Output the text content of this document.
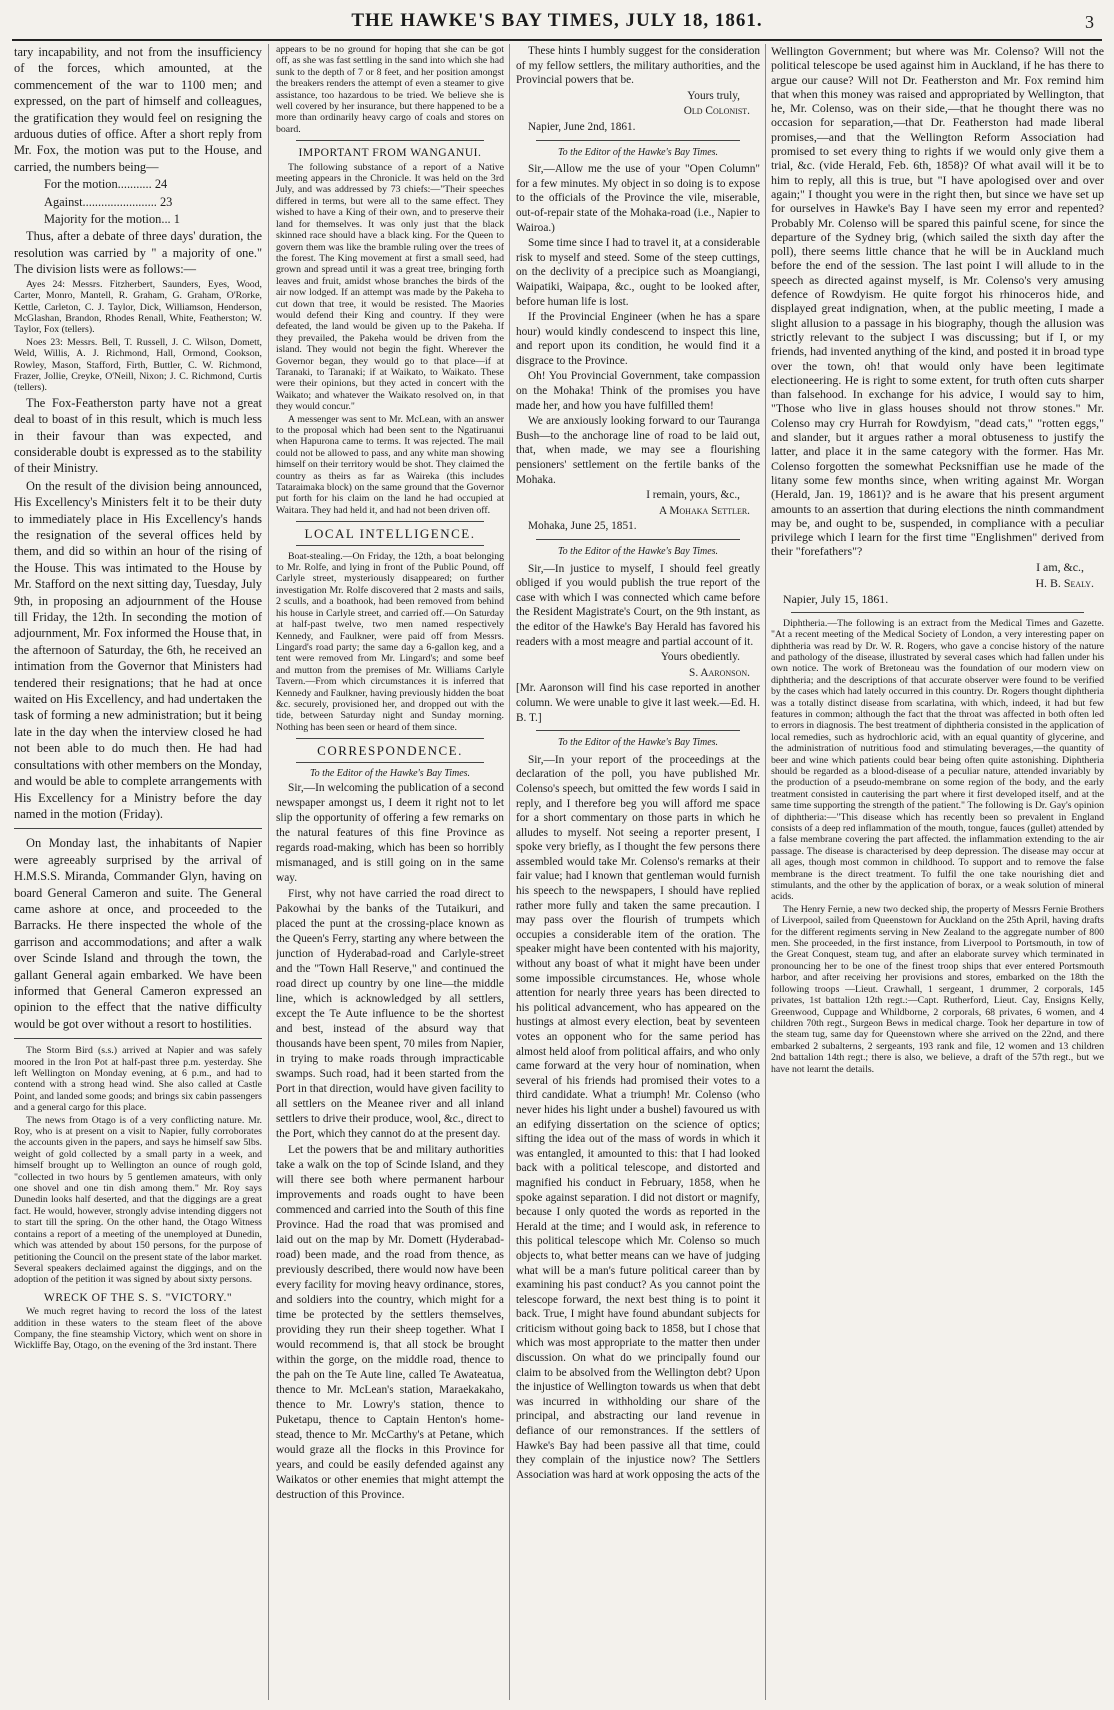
THE HAWKE'S BAY TIMES, JULY 18, 1861.	3

tary incapability, and not from the insufficiency of the forces, which amounted, at the commencement of the war to 1100 men; and expressed, on the part of himself and colleagues, the gratification they would feel on resigning the arduous duties of office. After a short reply from Mr. Fox, the motion was put to the House, and carried, the numbers being—

For the motion........... 24

Against........................ 23

Majority for the motion... 1

Thus, after a debate of three days' duration, the resolution was carried by " a majority of one." The division lists were as follows:—

Ayes 24: Messrs. Fitzherbert, Saunders, Eyes, Wood, Carter, Monro, Mantell, R. Graham, G. Graham, O'Rorke, Kettle, Carleton, C. J. Taylor, Dick, Williamson, Henderson, McGlashan, Brandon, Rhodes Renall, White, Featherston; W. Taylor, Fox (tellers).

Noes 23: Messrs. Bell, T. Russell, J. C. Wilson, Domett, Weld, Willis, A. J. Richmond, Hall, Ormond, Cookson, Rowley, Mason, Stafford, Firth, Buttler, C. W. Richmond, Frazer, Jollie, Creyke, O'Neill, Nixon; J. C. Richmond, Curtis (tellers).

The Fox-Featherston party have not a great deal to boast of in this result, which is much less in their favour than was expected, and considerable doubt is expressed as to the stability of their Ministry.

On the result of the division being announced, His Excellency's Ministers felt it to be their duty to immediately place in His Excellency's hands the resignation of the several offices held by them, and did so within an hour of the rising of the House. This was intimated to the House by Mr. Stafford on the next sitting day, Tuesday, July 9th, in proposing an adjournment of the House till Friday, the 12th. In seconding the motion of adjournment, Mr. Fox informed the House that, in the afternoon of Saturday, the 6th, he received an intimation from the Governor that Ministers had tendered their resignations; that he had at once waited on His Excellency, and had undertaken the task of forming a new administration; but it being late in the day when the interview closed he had not been able to do much then. He had had consultations with other members on the Monday, and would be able to complete arrangements with His Excellency for a Ministry before the day named in the motion (Friday).

On Monday last, the inhabitants of Napier were agreeably surprised by the arrival of H.M.S.S. Miranda, Commander Glyn, having on board General Cameron and suite. The General came ashore at once, and proceeded to the Barracks. He there inspected the whole of the garrison and accommodations; and after a walk over Scinde Island and through the town, the gallant General again embarked. We have been informed that General Cameron expressed an opinion to the effect that the native difficulty would be got over without a resort to hostilities.

The Storm Bird (s.s.) arrived at Napier and was safely moored in the Iron Pot at half-past three p.m. yesterday. She left Wellington on Monday evening, at 6 p.m., and had to contend with a strong head wind. She also called at Castle Point, and landed some goods; and brings six cabin passengers and a general cargo for this place.

The news from Otago is of a very conflicting nature. Mr. Roy, who is at present on a visit to Napier, fully corroborates the accounts given in the papers, and says he himself saw 5lbs. weight of gold collected by a small party in a week, and himself brought up to Wellington an ounce of rough gold, "collected in two hours by 5 gentlemen amateurs, with only one shovel and one tin dish among them." Mr. Roy says Dunedin looks half deserted, and that the diggings are a great fact. He would, however, strongly advise intending diggers not to start till the spring. On the other hand, the Otago Witness contains a report of a meeting of the unemployed at Dunedin, which was attended by about 150 persons, for the purpose of petitioning the Council on the present state of the labor market. Several speakers declaimed against the diggings, and on the adoption of the petition it was signed by about sixty persons.

WRECK OF THE S. S. "VICTORY."

We much regret having to record the loss of the latest addition in these waters to the steam fleet of the above Company, the fine steamship Victory, which went on shore in Wickliffe Bay, Otago, on the evening of the 3rd instant. There

appears to be no ground for hoping that she can be got off, as she was fast settling in the sand into which she had sunk to the depth of 7 or 8 feet, and her position amongst the breakers renders the attempt of even a steamer to give assistance, too hazardous to be tried. We believe she is well covered by her insurance, but there happened to be a more than ordinarily heavy cargo of coals and stores on board.

IMPORTANT FROM WANGANUI.

The following substance of a report of a Native meeting appears in the Chronicle. It was held on the 3rd July, and was addressed by 73 chiefs:—"Their speeches differed in terms, but were all to the same effect. They wished to have a King of their own, and to preserve their land for themselves. It was only just that the black skinned race should have a black king. For the Queen to govern them was like the bramble ruling over the trees of the forest. The King movement at first a small seed, had grown and spread until it was a great tree, bringing forth leaves and fruit, amidst whose branches the birds of the air now lodged. If an attempt was made by the Pakeha to cut down that tree, it would be resisted. The Maories would defend their King and country. If they were defeated, the land would be given up to the Pakeha. If they prevailed, the Pakeha would be driven from the island. They would not begin the fight. Wherever the Governor began, they would go to that place—if at Taranaki, to Taranaki; if at Waikato, to Waikato. These were their opinions, but they acted in concert with the Waikato; and whatever the Waikato resolved on, in that they would concur."

A messenger was sent to Mr. McLean, with an answer to the proposal which had been sent to the Ngatiruanui when Hapurona came to terms. It was rejected. The mail could not be allowed to pass, and any white man showing himself on their territory would be shot. They claimed the country as theirs as far as Waireka (this includes Tataraimaka block) on the same ground that the Governor put forth for his claim on the land he had occupied at Waitara. They had held it, and had not been driven off.

LOCAL INTELLIGENCE.

Boat-stealing.—On Friday, the 12th, a boat belonging to Mr. Rolfe, and lying in front of the Public Pound, off Carlyle street, mysteriously disappeared; on further investigation Mr. Rolfe discovered that 2 masts and sails, 2 sculls, and a boathook, had been removed from behind his house in Carlyle street, and carried off.—On Saturday at half-past twelve, two men named respectively Kennedy, and Faulkner, were paid off from Messrs. Lingard's road party; the same day a 6-gallon keg, and a tent were removed from Mr. Lingard's; and some beef and mutton from the premises of Mr. Williams Carlyle Tavern.—From which circumstances it is inferred that Kennedy and Faulkner, having previously hidden the boat &c. securely, provisioned her, and dropped out with the tide, between Saturday night and Sunday morning. Nothing has been seen or heard of them since.

CORRESPONDENCE.
To the Editor of the Hawke's Bay Times.

Sir,—In welcoming the publication of a second newspaper amongst us, I deem it right not to let slip the opportunity of offering a few remarks on the natural features of this fine Province as regards road-making, which has been so horribly mismanaged, and is still going on in the same way.

First, why not have carried the road direct to Pakowhai by the banks of the Tutaikuri, and placed the punt at the crossing-place known as the Queen's Ferry, starting any where between the junction of Hyderabad-road and Carlyle-street and the "Town Hall Reserve," and continued the road direct up country by one line—the middle line, which is acknowledged by all settlers, except the Te Aute influence to be the shortest and best, instead of the absurd way that thousands have been spent, 70 miles from Napier, in trying to make roads through impracticable swamps. Such road, had it been started from the Port in that direction, would have given facility to all settlers on the Meanee river and all inland settlers to drive their produce, wool, &c., direct to the Port, which they cannot do at the present day.

Let the powers that be and military authorities take a walk on the top of Scinde Island, and they will there see both where permanent harbour improvements and roads ought to have been commenced and carried into the South of this fine Province. Had the road that was promised and laid out on the map by Mr. Domett (Hyderabad-road) been made, and the road from thence, as previously described, there would now have been every facility for moving heavy ordinance, stores, and soldiers into the country, which might for a time be protected by the settlers themselves, providing they run their sheep together. What I would recommend is, that all stock be brought within the gorge, on the middle road, thence to the pah on the Te Aute line, called Te Awateatua, thence to Mr. McLean's station, Maraekakaho, thence to Mr. Lowry's station, thence to Puketapu, thence to Captain Henton's home-stead, thence to Mr. McCarthy's at Petane, which would graze all the flocks in this Province for years, and could be easily defended against any Waikatos or other enemies that might attempt the destruction of this Province.

These hints I humbly suggest for the consideration of my fellow settlers, the military authorities, and the Provincial powers that be.

Yours truly,

Old Colonist.

Napier, June 2nd, 1861.

To the Editor of the Hawke's Bay Times.

Sir,—Allow me the use of your "Open Column" for a few minutes. My object in so doing is to expose to the officials of the Province the vile, miserable, out-of-repair state of the Mohaka-road (i.e., Napier to Wairoa.)

Some time since I had to travel it, at a considerable risk to myself and steed. Some of the steep cuttings, on the declivity of a precipice such as Moangiangi, Waipatiki, Waipapa, &c., ought to be looked after, before human life is lost.

If the Provincial Engineer (when he has a spare hour) would kindly condescend to inspect this line, and report upon its condition, he would find it a disgrace to the Province.

Oh! You Provincial Government, take compassion on the Mohaka! Think of the promises you have made her, and how you have fulfilled them!

We are anxiously looking forward to our Tauranga Bush—to the anchorage line of road to be laid out, that, when made, we may see a flourishing pensioners' settlement on the fertile banks of the Mohaka.

I remain, yours, &c.,

A Mohaka Settler.

Mohaka, June 25, 1851.

To the Editor of the Hawke's Bay Times.

Sir,—In justice to myself, I should feel greatly obliged if you would publish the true report of the case with which I was connected which came before the Resident Magistrate's Court, on the 9th instant, as the editor of the Hawke's Bay Herald has favored his readers with a most meagre and partial account of it.

Yours obediently.

S. Aaronson.

[Mr. Aaronson will find his case reported in another column. We were unable to give it last week.—Ed. H. B. T.]

To the Editor of the Hawke's Bay Times.

Sir,—In your report of the proceedings at the declaration of the poll, you have published Mr. Colenso's speech, but omitted the few words I said in reply, and I therefore beg you will afford me space for a short commentary on those parts in which he alludes to myself. Not seeing a reporter present, I spoke very briefly, as I thought the few persons there assembled would take Mr. Colenso's remarks at their fair value; had I known that gentleman would furnish his speech to the newspapers, I should have replied rather more fully and taken the same precaution. I may pass over the flourish of trumpets which occupies a considerable item of the oration. The speaker might have been contented with his majority, without any boast of what it might have been under some impossible circumstances. He, whose whole attention for nearly three years has been directed to his political advancement, who has appeared on the hustings at almost every election, beat by seventeen votes an opponent who for the same period has almost held aloof from political affairs, and who only came forward at the very hour of nomination, when several of his friends had promised their votes to a third candidate. What a triumph! Mr. Colenso (who never hides his light under a bushel) favoured us with an edifying dissertation on the science of optics; sifting the idea out of the mass of words in which it was entangled, it amounted to this: that I had looked back with a political telescope, and distorted and magnified his conduct in February, 1858, when he spoke against separation. I did not distort or magnify, because I only quoted the words as reported in the Herald at the time; and I would ask, in reference to this political telescope which Mr. Colenso so much objects to, what better means can we have of judging what will be a man's future political career than by examining his past conduct? As you cannot point the telescope forward, the next best thing is to point it back. True, I might have found abundant subjects for criticism without going back to 1858, but I chose that which was most appropriate to the matter then under discussion. On what do we principally found our claim to be absolved from the Wellington debt? Upon the injustice of Wellington towards us when that debt was incurred in withholding our share of the principal, and abstracting our land revenue in defiance of our remonstrances. If the settlers of Hawke's Bay had been passive all that time, could they complain of the injustice now? The Settlers Association was hard at work opposing the acts of the

Wellington Government; but where was Mr. Colenso? Will not the political telescope be used against him in Auckland, if he has there to argue our cause? Will not Dr. Featherston and Mr. Fox remind him that when this money was raised and appropriated by Wellington, that he, Mr. Colenso, was on their side,—that he thought there was no occasion for separation,—that Dr. Featherston had made liberal promises,—and that the Wellington Reform Association had promised to set every thing to rights if we would only give them a trial, &c. (vide Herald, Feb. 6th, 1858)? Of what avail will it be to him to reply, all this is true, but "I have apologised over and over again;" I thought you were in the right then, but since we have set up for ourselves in Hawke's Bay I have seen my error and repented? Probably Mr. Colenso will be spared this painful scene, for since the departure of the Sydney brig, (which sailed the sixth day after the poll), there seems little chance that he will be in Auckland much before the end of the session. The last point I will allude to in the speech as directed against myself, is Mr. Colenso's very amusing defence of Rowdyism. He quite forgot his rhinoceros hide, and displayed great indignation, when, at the public meeting, I made a slight allusion to a passage in his biography, though the allusion was strictly relevant to the subject I was discussing; but if I, or my friends, had invented anything of the kind, and posted it in broad type over the town, oh! that would only have been legitimate electioneering. He is right to some extent, for truth often cuts sharper than falsehood. In exchange for his advice, I would say to him, "Those who live in glass houses should not throw stones." Mr. Colenso may cry Hurrah for Rowdyism, "dead cats," "rotten eggs," and slander, but it argues rather a moral obtuseness to justify the latter, and place it in the same category with the former. Has Mr. Colenso forgotten the somewhat Pecksniffian use he made of the litany some few months since, when writing against Mr. Worgan (Herald, Jan. 19, 1861)? and is he aware that his present argument amounts to an assertion that during elections the ninth commandment may be, and ought to be, suspended, in compliance with a peculiar privilege which I learn for the first time "Englishmen" derived from their "forefathers"?

I am, &c.,

H. B. Sealy.

Napier, July 15, 1861.

Diphtheria.—The following is an extract from the Medical Times and Gazette. "At a recent meeting of the Medical Society of London, a very interesting paper on diphtheria was read by Dr. W. R. Rogers, who gave a concise history of the nature and pathology of the disease, illustrated by several cases which had fallen under his own notice. The work of Bretoneau was the foundation of our modern view on diphtheria; and the descriptions of that accurate observer were found to be verified by the cases which had lately occurred in this country. Dr. Rogers thought diphtheria was a totally distinct disease from scarlatina, with which, indeed, it had but few features in common; although the fact that the throat was affected in both often led to errors in diagnosis. The best treatment of diphtheria consisted in the application of local remedies, such as hydrochloric acid, with an equal quantity of glycerine, and the administration of nutritious food and stimulating beverages,—the quantity of beer and wine which patients could bear being often quite astonishing. Diphtheria should be regarded as a blood-disease of a peculiar nature, attended invariably by the production of a pseudo-membrane on some region of the body, and the early treatment consisted in cauterising the part where it first developed itself, and at the same time supporting the strength of the patient." The following is Dr. Gay's opinion of diphtheria:—"This disease which has recently been so prevalent in England consists of a deep red inflammation of the mouth, tongue, fauces (gullet) attended by a false membrane covering the part affected. the inflammation extending to the air passage. The disease is characterised by deep depression. The disease may occur at all ages, though most common in childhood. To support and to remove the false membrane is the direct treatment. To fulfil the one take nourishing diet and stimulants, and the other by the application of borax, or a weak solution of mineral acids.

The Henry Fernie, a new two decked ship, the property of Messrs Fernie Brothers of Liverpool, sailed from Queenstown for Auckland on the 25th April, having drafts for the different regiments serving in New Zealand to the aggregate number of 800 men. She proceeded, in the first instance, from Liverpool to Portsmouth, in tow of the Great Conquest, steam tug, and after an elaborate survey which terminated in pronouncing her to be one of the finest troop ships that ever entered Portsmouth harbor, and after receiving her provisions and stores, embarked on the 18th the following troops —Lieut. Crawhall, 1 sergeant, 1 drummer, 2 corporals, 145 privates, 1st battalion 12th regt.:—Capt. Rutherford, Lieut. Cay, Ensigns Kelly, Greenwood, Cuppage and Whildborne, 2 corporals, 68 privates, 6 women, and 4 children 70th regt., Surgeon Bews in medical charge. Took her departure in tow of the steam tug, same day for Queenstown where she arrived on the 22nd, and there embarked 2 subalterns, 2 sergeants, 193 rank and file, 12 women and 13 children 2nd battalion 14th regt.; there is also, we believe, a draft of the 57th regt., but we have not learnt the details.
